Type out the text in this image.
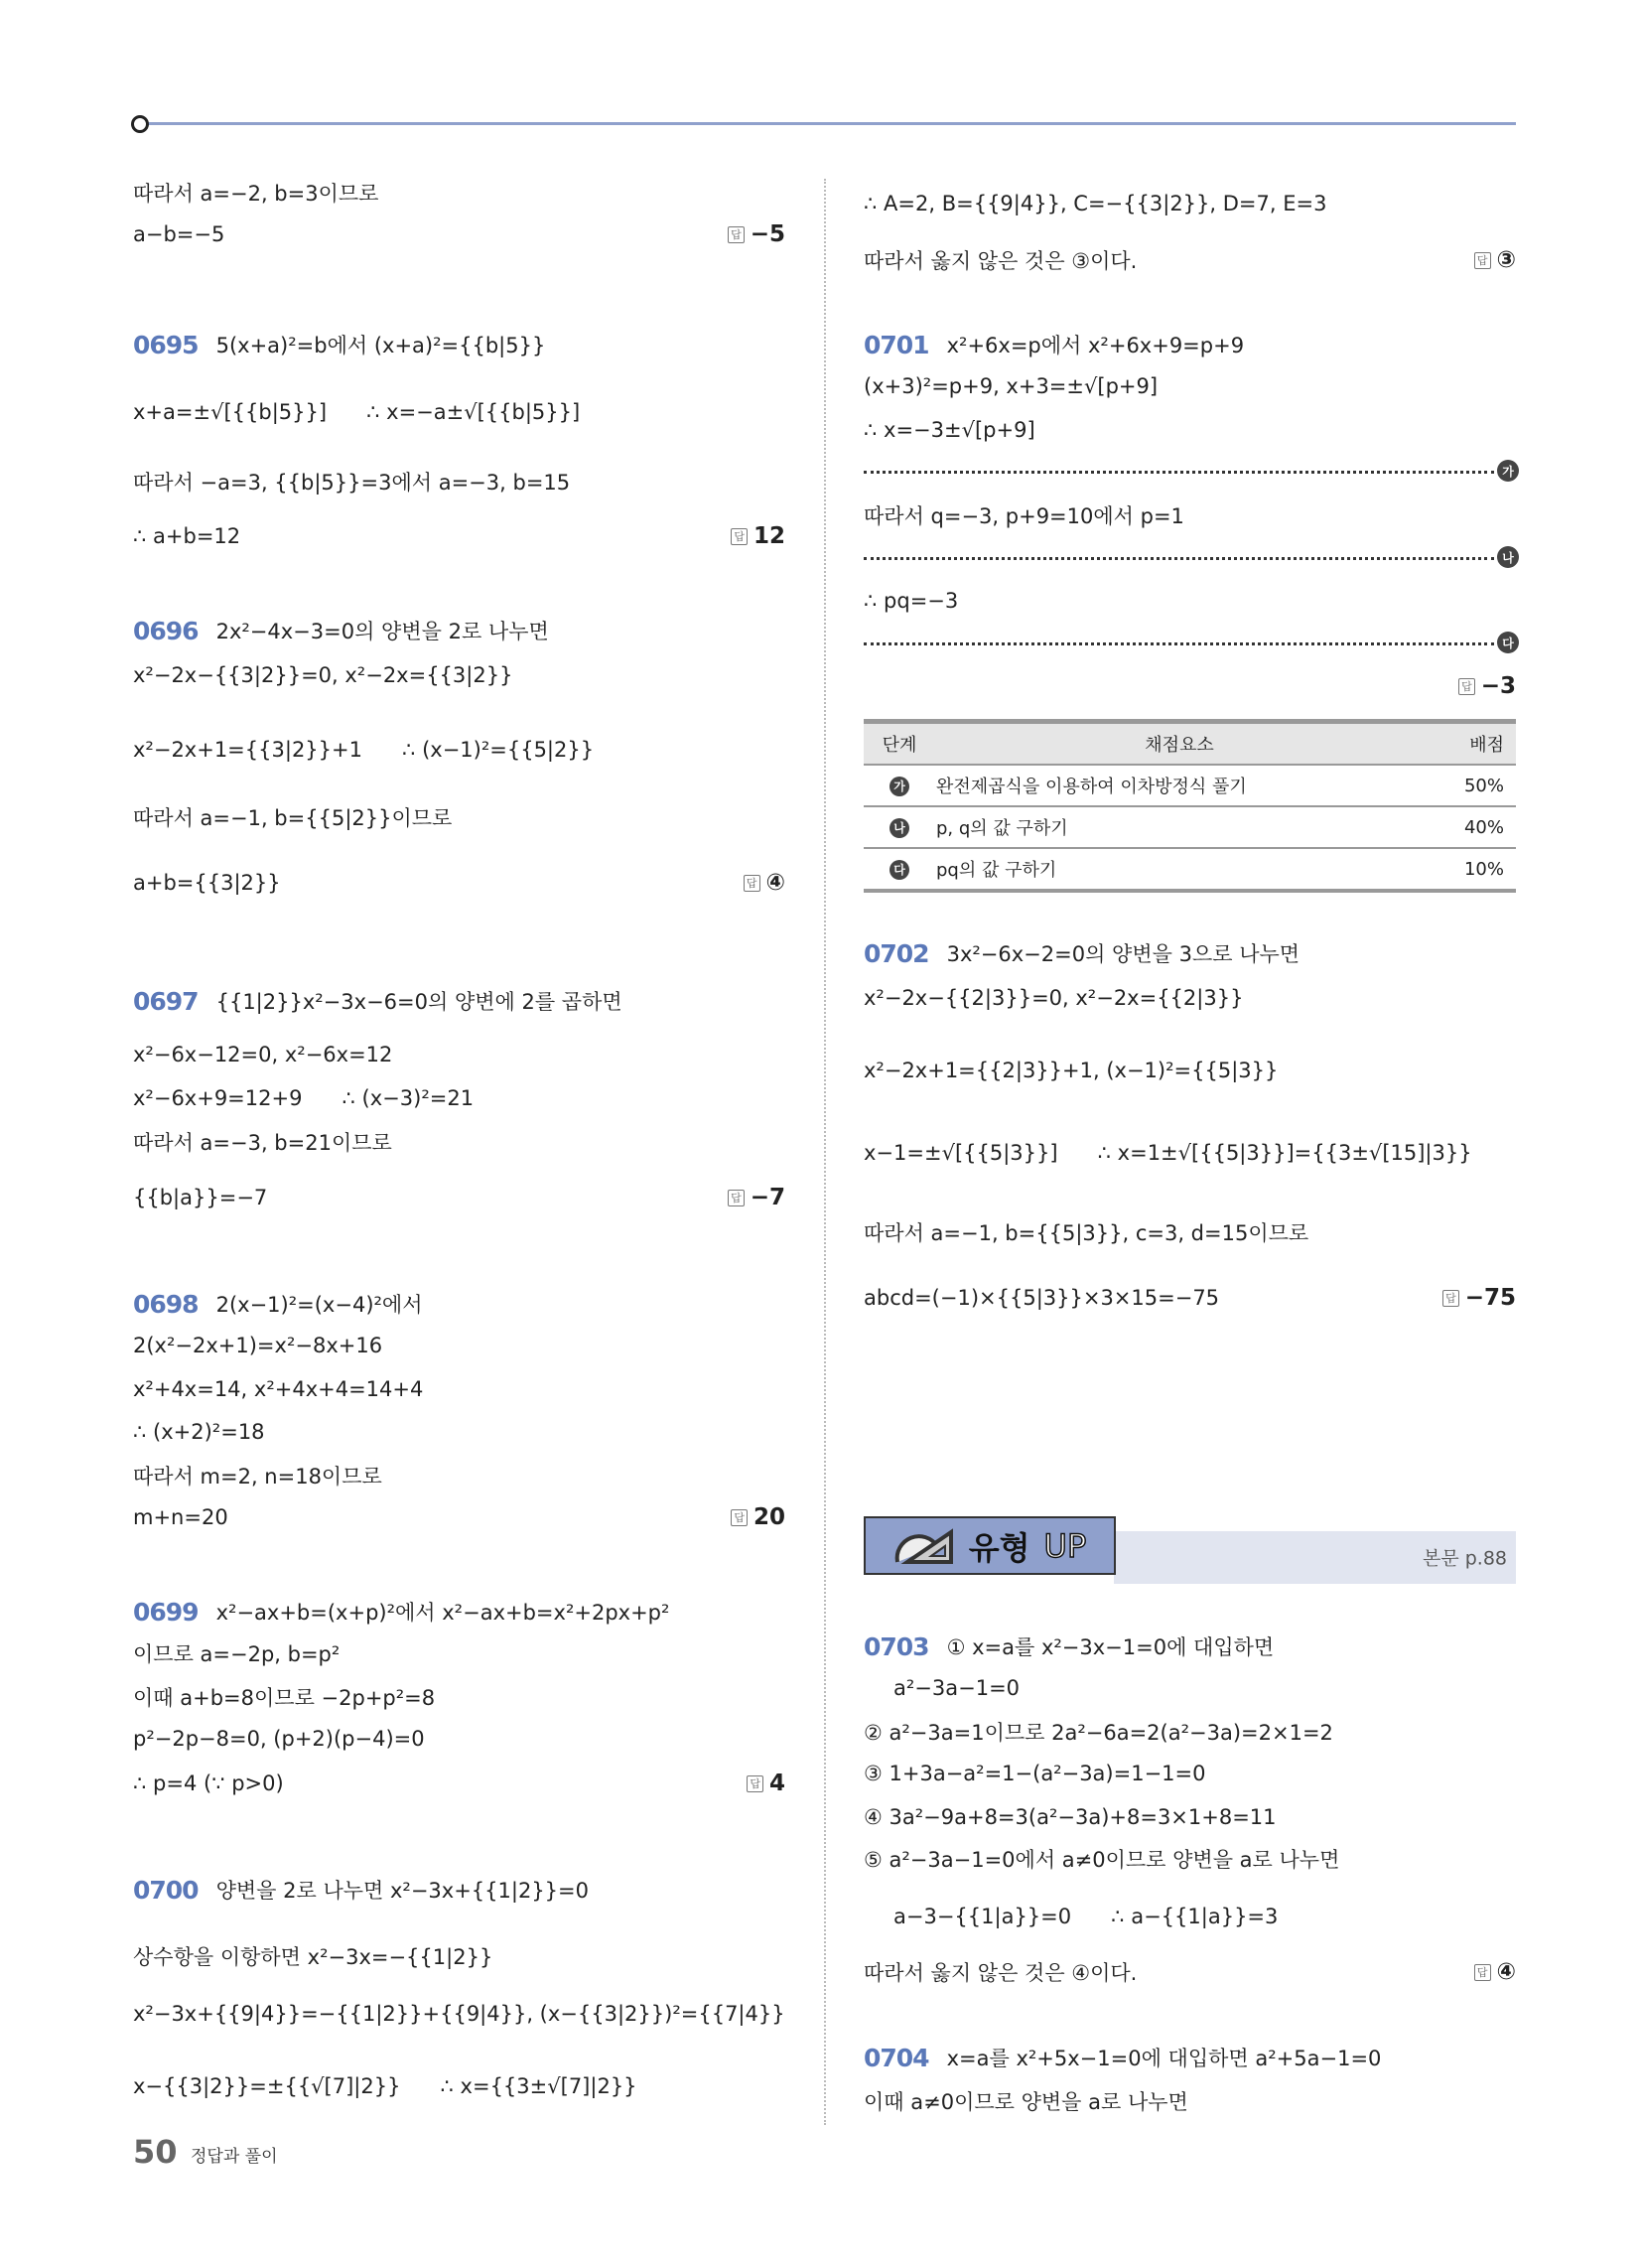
따라서 a=−2, b=3이므로
a−b=−5	답 −5
0695 5(x+a)²=b에서 (x+a)²={{b|5}}
x+a=±√[{{b|5}}]      ∴ x=−a±√[{{b|5}}]
따라서 −a=3, {{b|5}}=3에서 a=−3, b=15
∴ a+b=12	답 12
0696 2x²−4x−3=0의 양변을 2로 나누면
x²−2x−{{3|2}}=0, x²−2x={{3|2}}
x²−2x+1={{3|2}}+1      ∴ (x−1)²={{5|2}}
따라서 a=−1, b={{5|2}}이므로
a+b={{3|2}}	답 ④
0697 {{1|2}}x²−3x−6=0의 양변에 2를 곱하면
x²−6x−12=0, x²−6x=12
x²−6x+9=12+9      ∴ (x−3)²=21
따라서 a=−3, b=21이므로
{{b|a}}=−7	답 −7
0698 2(x−1)²=(x−4)²에서
2(x²−2x+1)=x²−8x+16
x²+4x=14, x²+4x+4=14+4
∴ (x+2)²=18
따라서 m=2, n=18이므로
m+n=20	답 20
0699 x²−ax+b=(x+p)²에서 x²−ax+b=x²+2px+p²
이므로 a=−2p, b=p²
이때 a+b=8이므로 −2p+p²=8
p²−2p−8=0, (p+2)(p−4)=0
∴ p=4 (∵ p>0)	답 4
0700 양변을 2로 나누면 x²−3x+{{1|2}}=0
상수항을 이항하면 x²−3x=−{{1|2}}
x²−3x+{{9|4}}=−{{1|2}}+{{9|4}}, (x−{{3|2}})²={{7|4}}
x−{{3|2}}=±{{√[7]|2}}      ∴ x={{3±√[7]|2}}
∴ A=2, B={{9|4}}, C=−{{3|2}}, D=7, E=3
따라서 옳지 않은 것은 ③이다.	답 ③
0701 x²+6x=p에서 x²+6x+9=p+9
(x+3)²=p+9, x+3=±√[p+9]
∴ x=−3±√[p+9]
가
따라서 q=−3, p+9=10에서 p=1
나
∴ pq=−3
다
답 −3
0702 3x²−6x−2=0의 양변을 3으로 나누면
x²−2x−{{2|3}}=0, x²−2x={{2|3}}
x²−2x+1={{2|3}}+1, (x−1)²={{5|3}}
x−1=±√[{{5|3}}]      ∴ x=1±√[{{5|3}}]={{3±√[15]|3}}
따라서 a=−1, b={{5|3}}, c=3, d=15이므로
abcd=(−1)×{{5|3}}×3×15=−75	답 −75
0703 ① x=a를 x²−3x−1=0에 대입하면
a²−3a−1=0
② a²−3a=1이므로 2a²−6a=2(a²−3a)=2×1=2
③ 1+3a−a²=1−(a²−3a)=1−1=0
④ 3a²−9a+8=3(a²−3a)+8=3×1+8=11
⑤ a²−3a−1=0에서 a≠0이므로 양변을 a로 나누면
a−3−{{1|a}}=0      ∴ a−{{1|a}}=3
따라서 옳지 않은 것은 ④이다.	답 ④
0704 x=a를 x²+5x−1=0에 대입하면 a²+5a−1=0
이때 a≠0이므로 양변을 a로 나누면
단계	채점요소	배점
가	완전제곱식을 이용하여 이차방정식 풀기	50%
나	p, q의 값 구하기	40%
다	pq의 값 구하기	10%
유형 UP	본문 p.88
50 정답과 풀이
